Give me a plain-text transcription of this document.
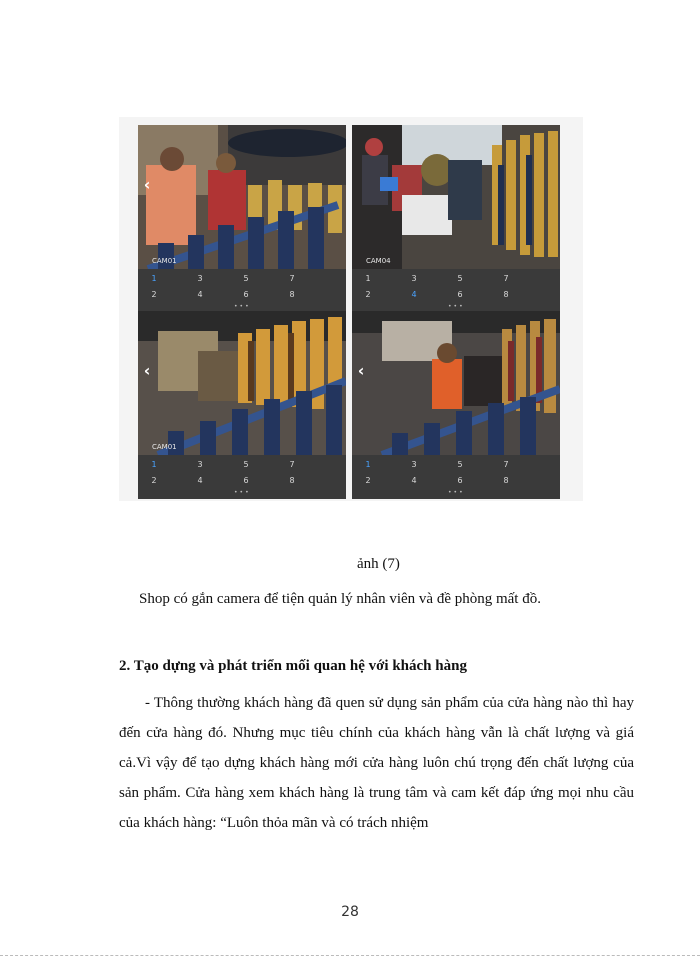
‹
CAM01
1	3	5	7
2	4	6	8
•••
CAM04
1	3	5	7
2	4	6	8
•••
‹
CAM01
1	3	5	7
2	4	6	8
•••
‹
1	3	5	7
2	4	6	8
•••
ảnh (7)
Shop có gắn camera để tiện quản lý nhân viên và đề phòng mất đồ.
2. Tạo dựng và phát triển mối quan hệ với khách hàng
- Thông thường khách hàng đã quen sử dụng sản phẩm của cửa hàng nào thì hay đến cửa hàng đó. Nhưng mục tiêu chính của khách hàng vẫn là chất lượng và giá cả.Vì vậy để tạo dựng khách hàng mới cửa hàng luôn chú trọng đến chất lượng của sản phẩm. Cửa hàng xem khách hàng là trung tâm và cam kết đáp ứng mọi nhu cầu của khách hàng: “Luôn thỏa mãn và có trách nhiệm
28
